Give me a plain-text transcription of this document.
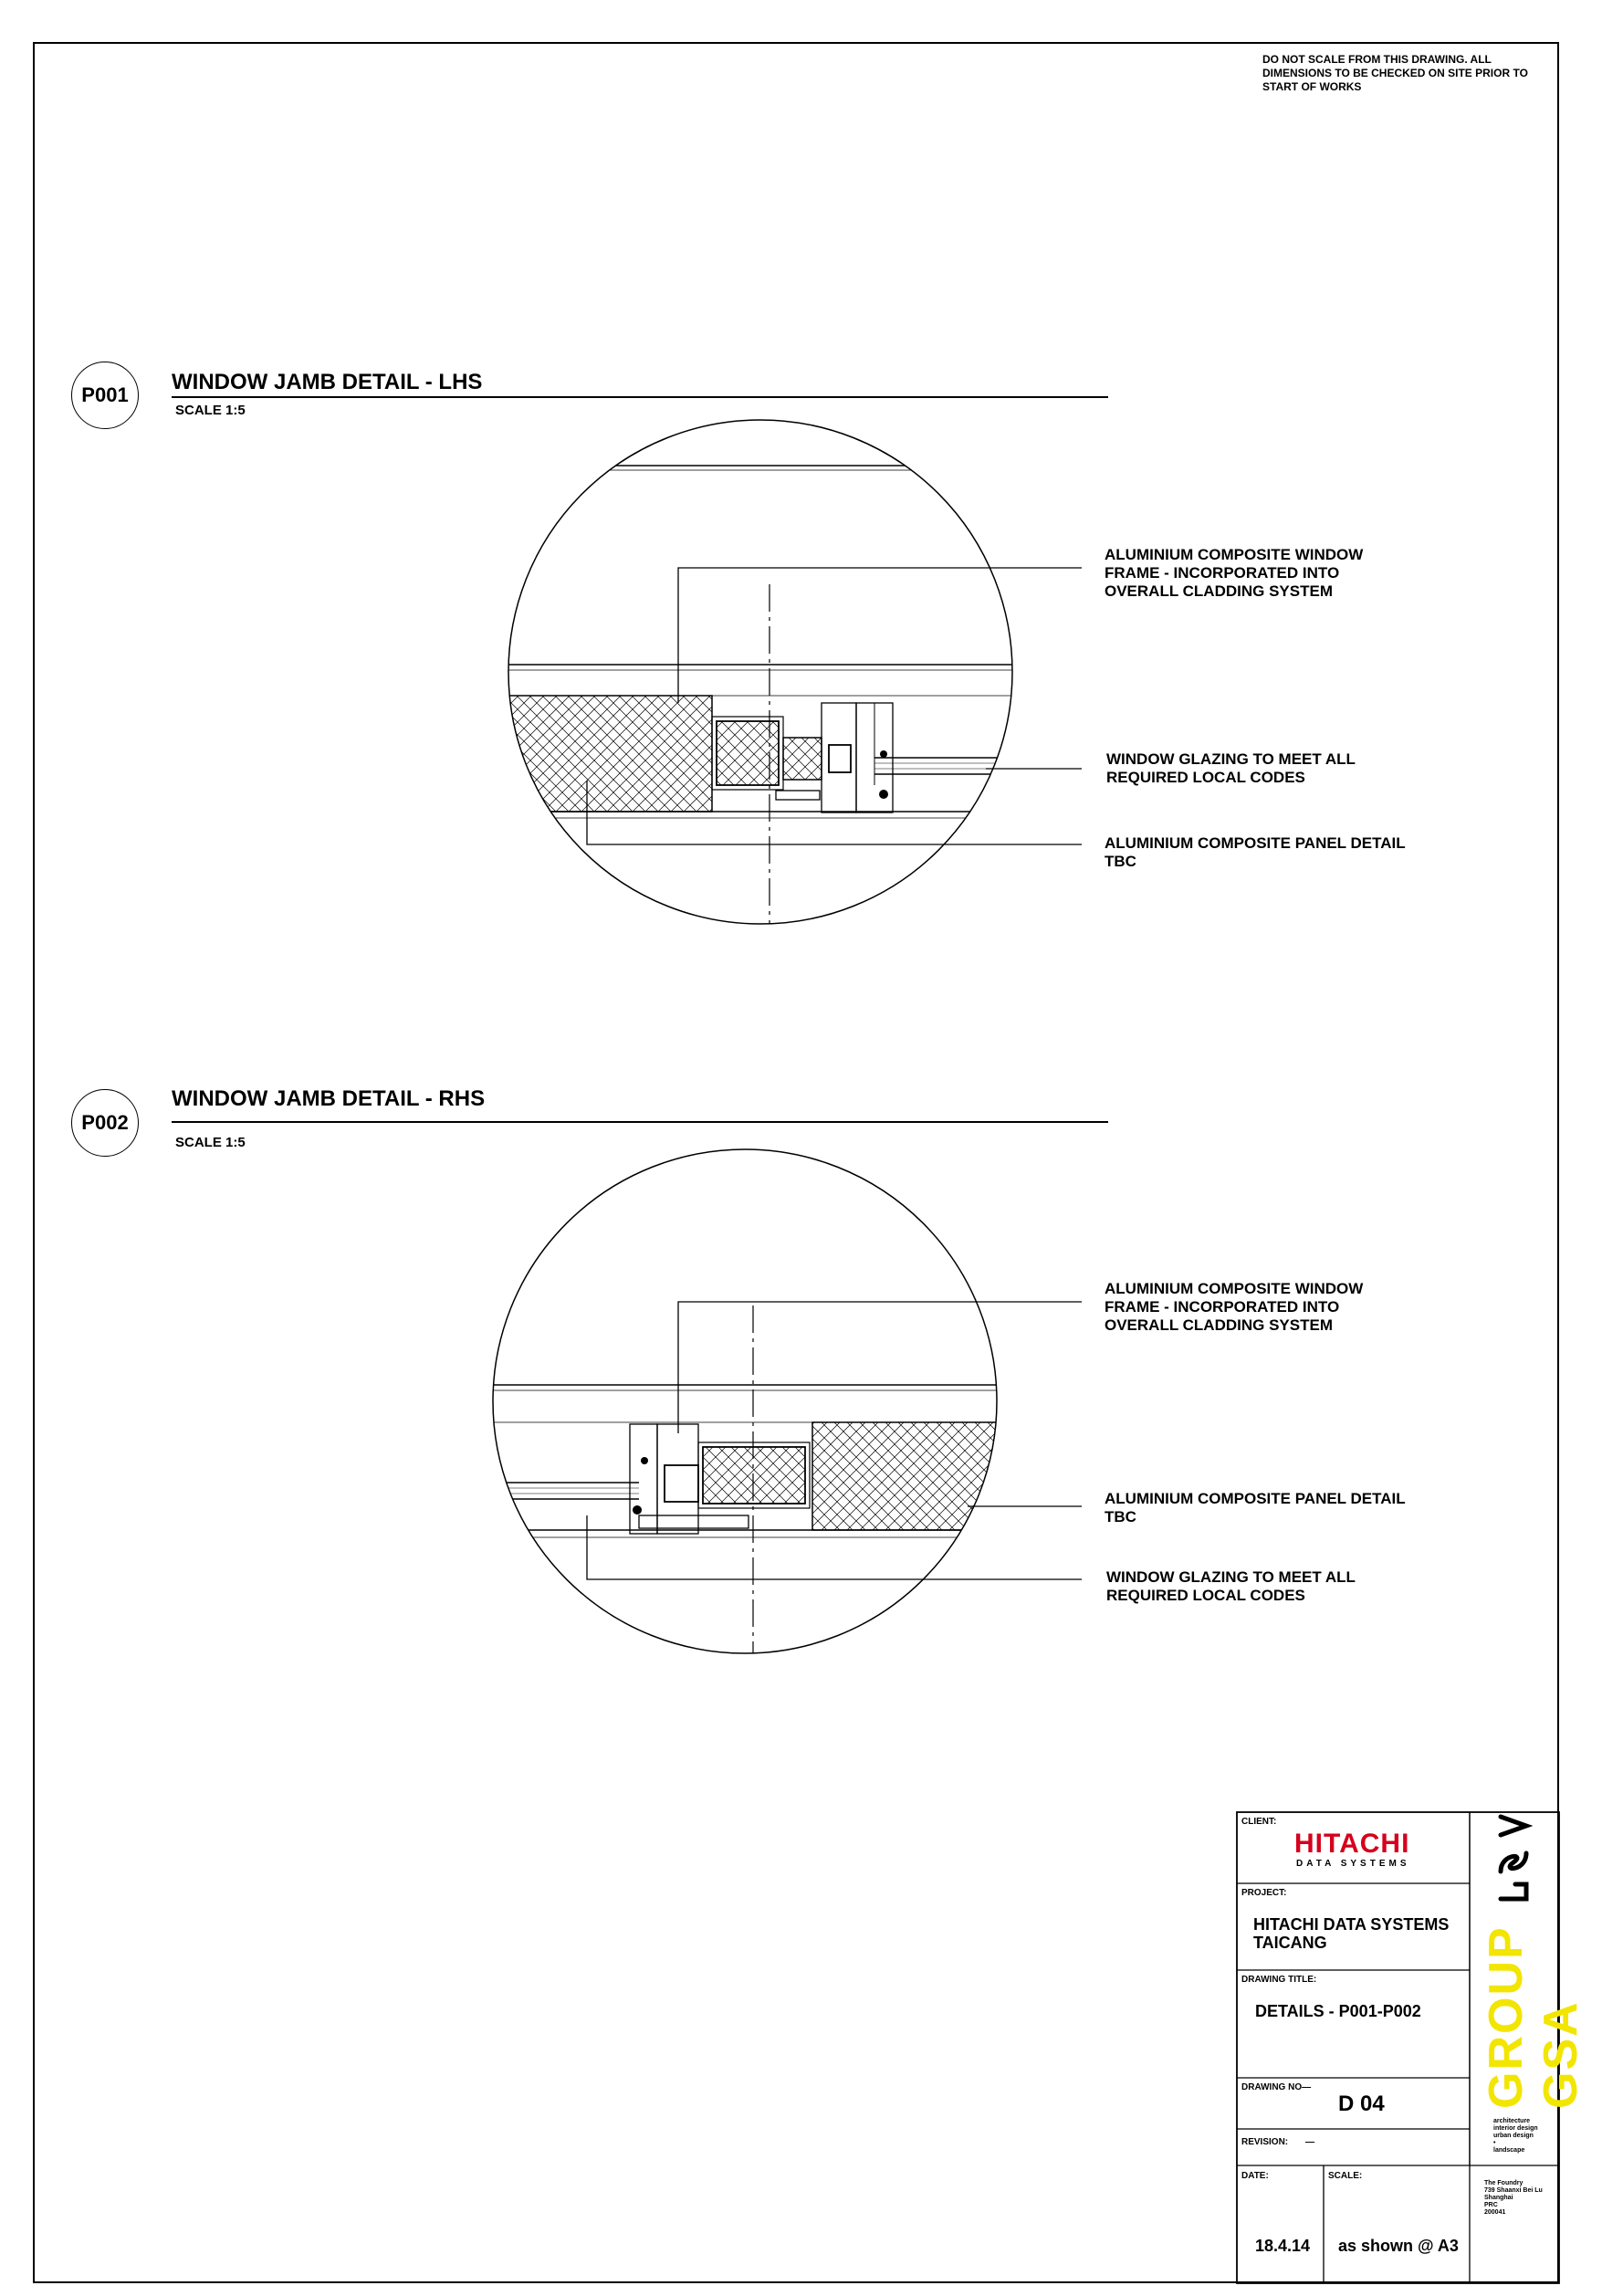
DO NOT SCALE FROM THIS DRAWING. ALL DIMENSIONS TO BE CHECKED ON SITE PRIOR TO START OF WORKS
P001
WINDOW JAMB DETAIL - LHS
SCALE 1:5
P002
WINDOW JAMB DETAIL - RHS
SCALE 1:5
ALUMINIUM COMPOSITE WINDOW FRAME - INCORPORATED INTO OVERALL CLADDING SYSTEM
WINDOW GLAZING TO MEET ALL REQUIRED LOCAL CODES
ALUMINIUM COMPOSITE PANEL DETAIL TBC
ALUMINIUM COMPOSITE WINDOW FRAME - INCORPORATED INTO OVERALL CLADDING SYSTEM
ALUMINIUM COMPOSITE PANEL DETAIL TBC
WINDOW GLAZING TO MEET ALL REQUIRED LOCAL CODES
CLIENT:
HITACHI
DATA SYSTEMS
PROJECT:
HITACHI DATA SYSTEMS
TAICANG
DRAWING TITLE:
DETAILS - P001-P002
DRAWING NO—
D 04
REVISION: —
DATE:
18.4.14
SCALE:
as shown @ A3
GROUP GSA
architecture
interior design
urban design
•
landscape
The Foundry
739 Shaanxi Bei Lu
Shanghai
PRC
200041
